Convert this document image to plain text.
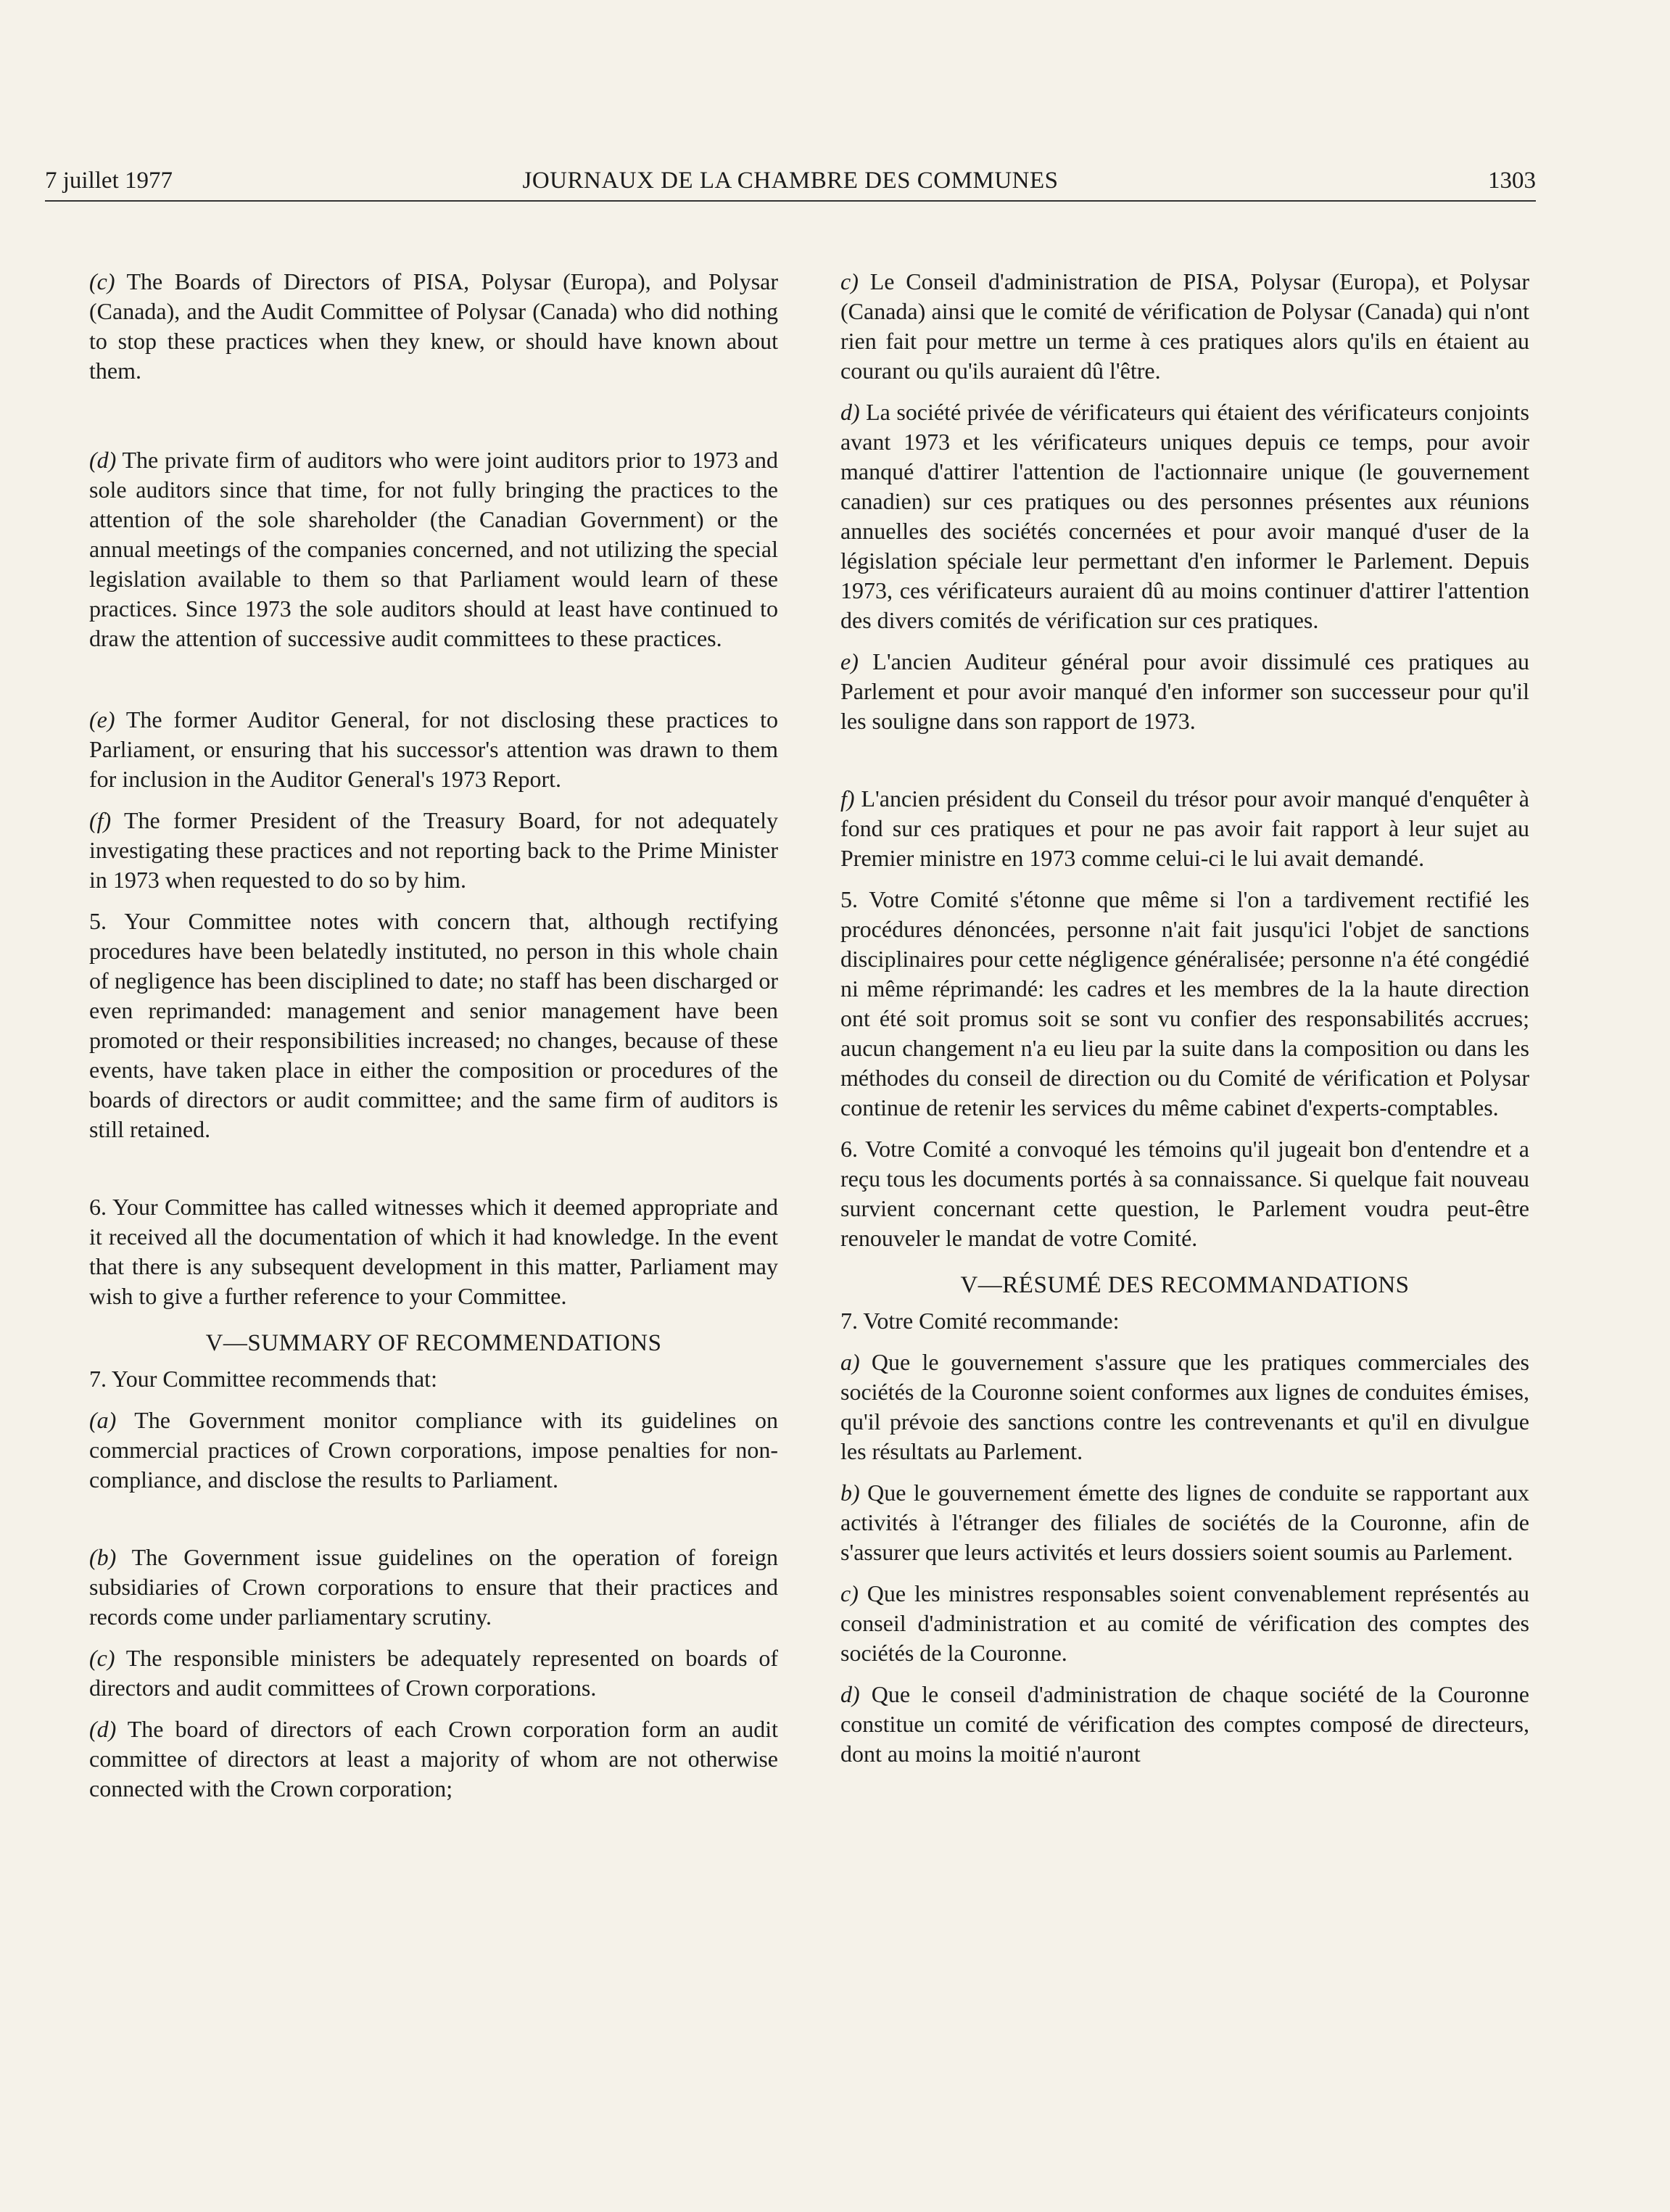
7 juillet 1977	JOURNAUX DE LA CHAMBRE DES COMMUNES	1303

(c) The Boards of Directors of PISA, Polysar (Europa), and Polysar (Canada), and the Audit Committee of Polysar (Canada) who did nothing to stop these practices when they knew, or should have known about them.

(d) The private firm of auditors who were joint auditors prior to 1973 and sole auditors since that time, for not fully bringing the practices to the attention of the sole shareholder (the Canadian Government) or the annual meetings of the companies concerned, and not utilizing the special legislation available to them so that Parliament would learn of these practices. Since 1973 the sole auditors should at least have continued to draw the attention of successive audit committees to these practices.

(e) The former Auditor General, for not disclosing these practices to Parliament, or ensuring that his successor's attention was drawn to them for inclusion in the Auditor General's 1973 Report.

(f) The former President of the Treasury Board, for not adequately investigating these practices and not reporting back to the Prime Minister in 1973 when requested to do so by him.

5. Your Committee notes with concern that, although rectifying procedures have been belatedly instituted, no person in this whole chain of negligence has been disciplined to date; no staff has been discharged or even reprimanded: management and senior management have been promoted or their responsibilities increased; no changes, because of these events, have taken place in either the composition or procedures of the boards of directors or audit committee; and the same firm of auditors is still retained.

6. Your Committee has called witnesses which it deemed appropriate and it received all the documentation of which it had knowledge. In the event that there is any subsequent development in this matter, Parliament may wish to give a further reference to your Committee.

V—SUMMARY OF RECOMMENDATIONS

7. Your Committee recommends that:

(a) The Government monitor compliance with its guidelines on commercial practices of Crown corporations, impose penalties for non-compliance, and disclose the results to Parliament.

(b) The Government issue guidelines on the operation of foreign subsidiaries of Crown corporations to ensure that their practices and records come under parliamentary scrutiny.

(c) The responsible ministers be adequately represented on boards of directors and audit committees of Crown corporations.

(d) The board of directors of each Crown corporation form an audit committee of directors at least a majority of whom are not otherwise connected with the Crown corporation;

c) Le Conseil d'administration de PISA, Polysar (Europa), et Polysar (Canada) ainsi que le comité de vérification de Polysar (Canada) qui n'ont rien fait pour mettre un terme à ces pratiques alors qu'ils en étaient au courant ou qu'ils auraient dû l'être.

d) La société privée de vérificateurs qui étaient des vérificateurs conjoints avant 1973 et les vérificateurs uniques depuis ce temps, pour avoir manqué d'attirer l'attention de l'actionnaire unique (le gouvernement canadien) sur ces pratiques ou des personnes présentes aux réunions annuelles des sociétés concernées et pour avoir manqué d'user de la législation spéciale leur permettant d'en informer le Parlement. Depuis 1973, ces vérificateurs auraient dû au moins continuer d'attirer l'attention des divers comités de vérification sur ces pratiques.

e) L'ancien Auditeur général pour avoir dissimulé ces pratiques au Parlement et pour avoir manqué d'en informer son successeur pour qu'il les souligne dans son rapport de 1973.

f) L'ancien président du Conseil du trésor pour avoir manqué d'enquêter à fond sur ces pratiques et pour ne pas avoir fait rapport à leur sujet au Premier ministre en 1973 comme celui-ci le lui avait demandé.

5. Votre Comité s'étonne que même si l'on a tardivement rectifié les procédures dénoncées, personne n'ait fait jusqu'ici l'objet de sanctions disciplinaires pour cette négligence généralisée; personne n'a été congédié ni même réprimandé: les cadres et les membres de la la haute direction ont été soit promus soit se sont vu confier des responsabilités accrues; aucun changement n'a eu lieu par la suite dans la composition ou dans les méthodes du conseil de direction ou du Comité de vérification et Polysar continue de retenir les services du même cabinet d'experts-comptables.

6. Votre Comité a convoqué les témoins qu'il jugeait bon d'entendre et a reçu tous les documents portés à sa connaissance. Si quelque fait nouveau survient concernant cette question, le Parlement voudra peut-être renouveler le mandat de votre Comité.

V—RÉSUMÉ DES RECOMMANDATIONS

7. Votre Comité recommande:

a) Que le gouvernement s'assure que les pratiques commerciales des sociétés de la Couronne soient conformes aux lignes de conduites émises, qu'il prévoie des sanctions contre les contrevenants et qu'il en divulgue les résultats au Parlement.

b) Que le gouvernement émette des lignes de conduite se rapportant aux activités à l'étranger des filiales de sociétés de la Couronne, afin de s'assurer que leurs activités et leurs dossiers soient soumis au Parlement.

c) Que les ministres responsables soient convenablement représentés au conseil d'administration et au comité de vérification des comptes des sociétés de la Couronne.

d) Que le conseil d'administration de chaque société de la Couronne constitue un comité de vérification des comptes composé de directeurs, dont au moins la moitié n'auront
